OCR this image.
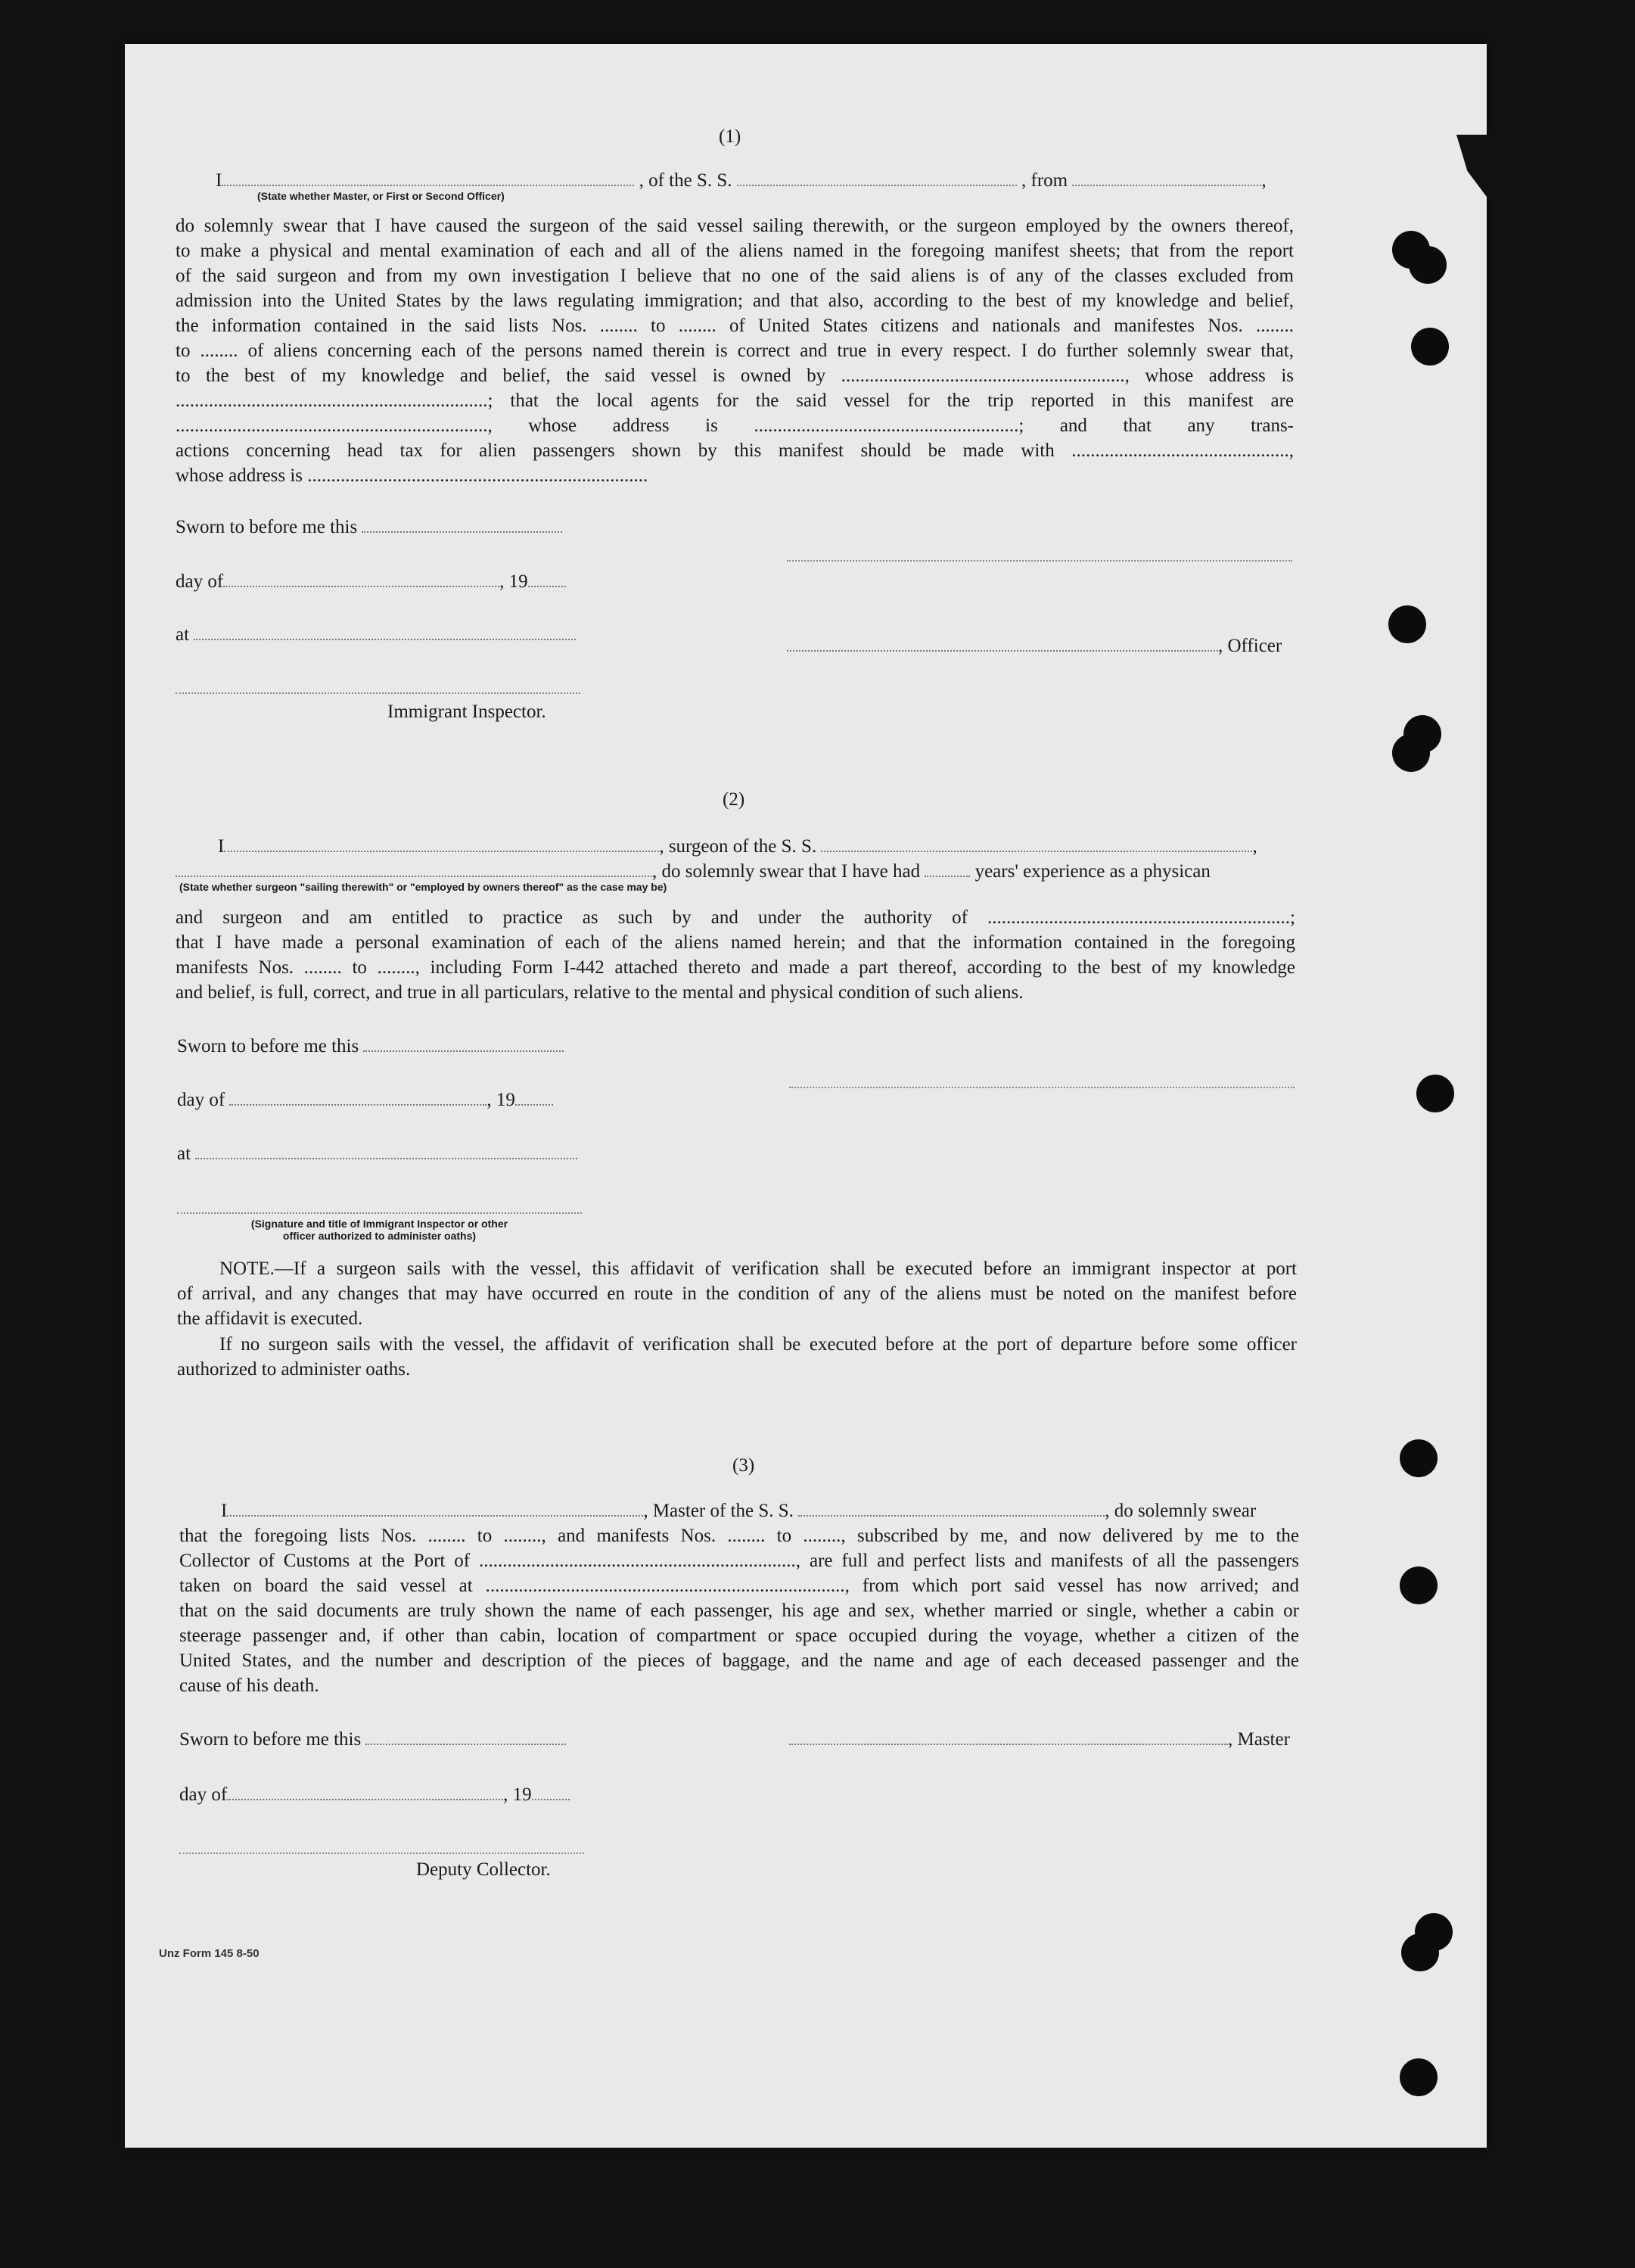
(1)
I	, of the S. S.	, from	,
(State whether Master, or First or Second Officer)
do solemnly swear that I have caused the surgeon of the said vessel sailing therewith, or the surgeon employed by the owners thereof,
to make a physical and mental examination of each and all of the aliens named in the foregoing manifest sheets; that from the report
of the said surgeon and from my own investigation I believe that no one of the said aliens is of any of the classes excluded from
admission into the United States by the laws regulating immigration; and that also, according to the best of my knowledge and belief,
the information contained in the said lists Nos. ........ to ........ of United States citizens and nationals and manifestes Nos. ........
to ........ of aliens concerning each of the persons named therein is correct and true in every respect. I do further solemnly swear that,
to the best of my knowledge and belief, the said vessel is owned by ............................................................, whose address is
..................................................................; that the local agents for the said vessel for the trip reported in this manifest are
.................................................................., whose address is ........................................................; and that any trans-
actions concerning head tax for alien passengers shown by this manifest should be made with ..............................................,
whose address is ........................................................................
Sworn to before me this
day of	, 19
at
, Officer
Immigrant Inspector.
(2)
I	, surgeon of the S. S.	,
, do solemnly swear that I have had	years' experience as a physican
(State whether surgeon "sailing therewith" or "employed by owners thereof" as the case may be)
and surgeon and am entitled to practice as such by and under the authority of ................................................................;
that I have made a personal examination of each of the aliens named herein; and that the information contained in the foregoing
manifests Nos. ........ to ........, including Form I-442 attached thereto and made a part thereof, according to the best of my knowledge
and belief, is full, correct, and true in all particulars, relative to the mental and physical condition of such aliens.
Sworn to before me this
day of	, 19
at
(Signature and title of Immigrant Inspector or other
officer authorized to administer oaths)
NOTE.—If a surgeon sails with the vessel, this affidavit of verification shall be executed before an immigrant inspector at port
of arrival, and any changes that may have occurred en route in the condition of any of the aliens must be noted on the manifest before
the affidavit is executed.
If no surgeon sails with the vessel, the affidavit of verification shall be executed before at the port of departure before some officer
authorized to administer oaths.
(3)
I	, Master of the S. S.	, do solemnly swear
that the foregoing lists Nos. ........ to ........, and manifests Nos. ........ to ........, subscribed by me, and now delivered by me to the
Collector of Customs at the Port of ..................................................................., are full and perfect lists and manifests of all the passengers
taken on board the said vessel at ............................................................................, from which port said vessel has now arrived; and
that on the said documents are truly shown the name of each passenger, his age and sex, whether married or single, whether a cabin or
steerage passenger and, if other than cabin, location of compartment or space occupied during the voyage, whether a citizen of the
United States, and the number and description of the pieces of baggage, and the name and age of each deceased passenger and the
cause of his death.
Sworn to before me this	, Master
day of	, 19
Deputy Collector.
Unz Form 145 8-50
